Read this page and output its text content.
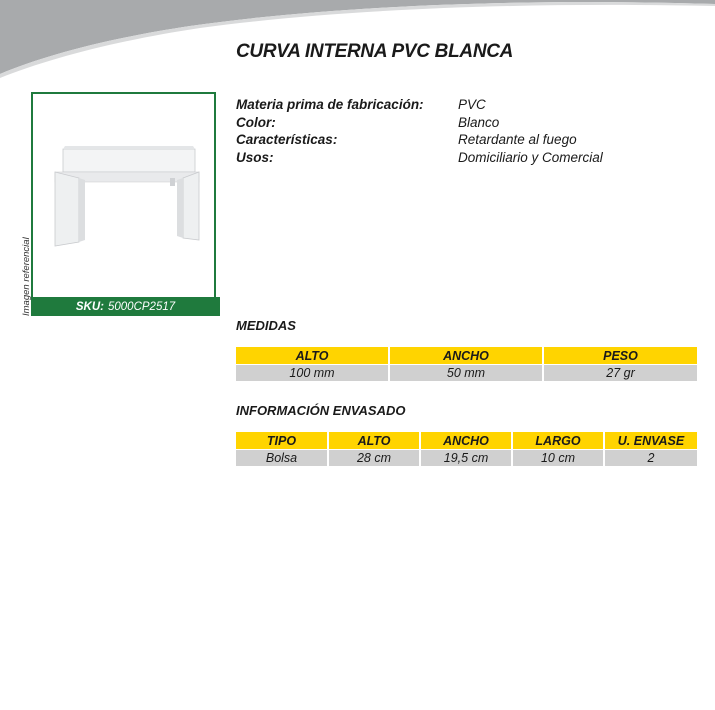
CURVA INTERNA PVC BLANCA
Materia prima de fabricación:	PVC
Color:	Blanco
Características:	Retardante al fuego
Usos:	Domiciliario y Comercial
SKU: 5000CP2517
Imagen referencial
MEDIDAS
ALTO	ANCHO	PESO
100 mm	50 mm	27 gr
INFORMACIÓN ENVASADO
TIPO	ALTO	ANCHO	LARGO	U. ENVASE
Bolsa	28 cm	19,5 cm	10 cm	2
